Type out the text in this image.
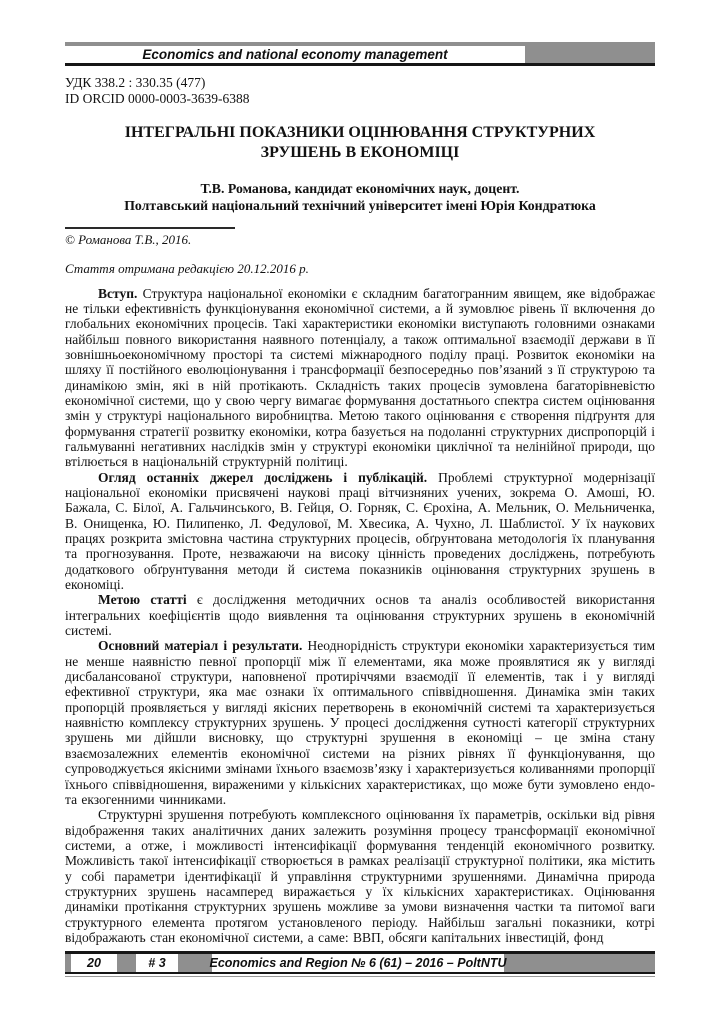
Economics and national economy management
УДК 338.2 : 330.35 (477)
ID ORCID 0000-0003-3639-6388
ІНТЕГРАЛЬНІ ПОКАЗНИКИ ОЦІНЮВАННЯ СТРУКТУРНИХ
ЗРУШЕНЬ В ЕКОНОМІЦІ
Т.В. Романова, кандидат економічних наук, доцент.
Полтавський національний технічний університет імені Юрія Кондратюка
© Романова Т.В., 2016.
Стаття отримана редакцією 20.12.2016 р.

Вступ. Структура національної економіки є складним багатогранним явищем, яке відображає не тільки ефективність функціонування економічної системи, а й зумовлює рівень її включення до глобальних економічних процесів. Такі характеристики економіки виступають головними ознаками найбільш повного використання наявного потенціалу, а також оптимальної взаємодії держави в її зовнішньоекономічному просторі та системі міжнародного поділу праці. Розвиток економіки на шляху її постійного еволюціонування і трансформації безпосередньо пов’язаний з її структурою та динамікою змін, які в ній протікають. Складність таких процесів зумовлена багаторівневістю економічної системи, що у свою чергу вимагає формування достатнього спектра систем оцінювання змін у структурі національного виробництва. Метою такого оцінювання є створення підґрунтя для формування стратегії розвитку економіки, котра базується на подоланні структурних диспропорцій і гальмуванні негативних наслідків змін у структурі економіки циклічної та нелінійної природи, що втілюється в національній структурній політиці.

Огляд останніх джерел досліджень і публікацій. Проблемі структурної модернізації національної економіки присвячені наукові праці вітчизняних учених, зокрема О. Амоші, Ю. Бажала, С. Білої, А. Гальчинського, В. Гейця, О. Горняк, С. Єрохіна, А. Мельник, О. Мельниченка, В. Онищенка, Ю. Пилипенко, Л. Федулової, М. Хвесика, А. Чухно, Л. Шаблистої. У їх наукових працях розкрита змістовна частина структурних процесів, обґрунтована методологія їх планування та прогнозування. Проте, незважаючи на високу цінність проведених досліджень, потребують додаткового обґрунтування методи й система показників оцінювання структурних зрушень в економіці.

Метою статті є дослідження методичних основ та аналіз особливостей використання інтегральних коефіцієнтів щодо виявлення та оцінювання структурних зрушень в економічній системі.

Основний матеріал і результати. Неоднорідність структури економіки характеризується тим не менше наявністю певної пропорції між її елементами, яка може проявлятися як у вигляді дисбалансованої структури, наповненої протиріччями взаємодії її елементів, так і у вигляді ефективної структури, яка має ознаки їх оптимального співвідношення. Динаміка змін таких пропорцій проявляється у вигляді якісних перетворень в економічній системі та характеризується наявністю комплексу структурних зрушень. У процесі дослідження сутності категорії структурних зрушень ми дійшли висновку, що структурні зрушення в економіці – це зміна стану взаємозалежних елементів економічної системи на різних рівнях її функціонування, що супроводжується якісними змінами їхнього взаємозв’язку і характеризується коливаннями пропорції їхнього співвідношення, вираженими у кількісних характеристиках, що може бути зумовлено ендо- та екзогенними чинниками.

Структурні зрушення потребують комплексного оцінювання їх параметрів, оскільки від рівня відображення таких аналітичних даних залежить розуміння процесу трансформації економічної системи, а отже, і можливості інтенсифікації формування тенденцій економічного розвитку. Можливість такої інтенсифікації створюється в рамках реалізації структурної політики, яка містить у собі параметри ідентифікації й управління структурними зрушеннями. Динамічна природа структурних зрушень насамперед виражається у їх кількісних характеристиках. Оцінювання динаміки протікання структурних зрушень можливе за умови визначення частки та питомої ваги структурного елемента протягом установленого періоду. Найбільш загальні показники, котрі відображають стан економічної системи, а саме: ВВП, обсяги капітальних інвестицій, фонд

20	# 3	Economics and Region № 6 (61) – 2016 – PoltNTU
